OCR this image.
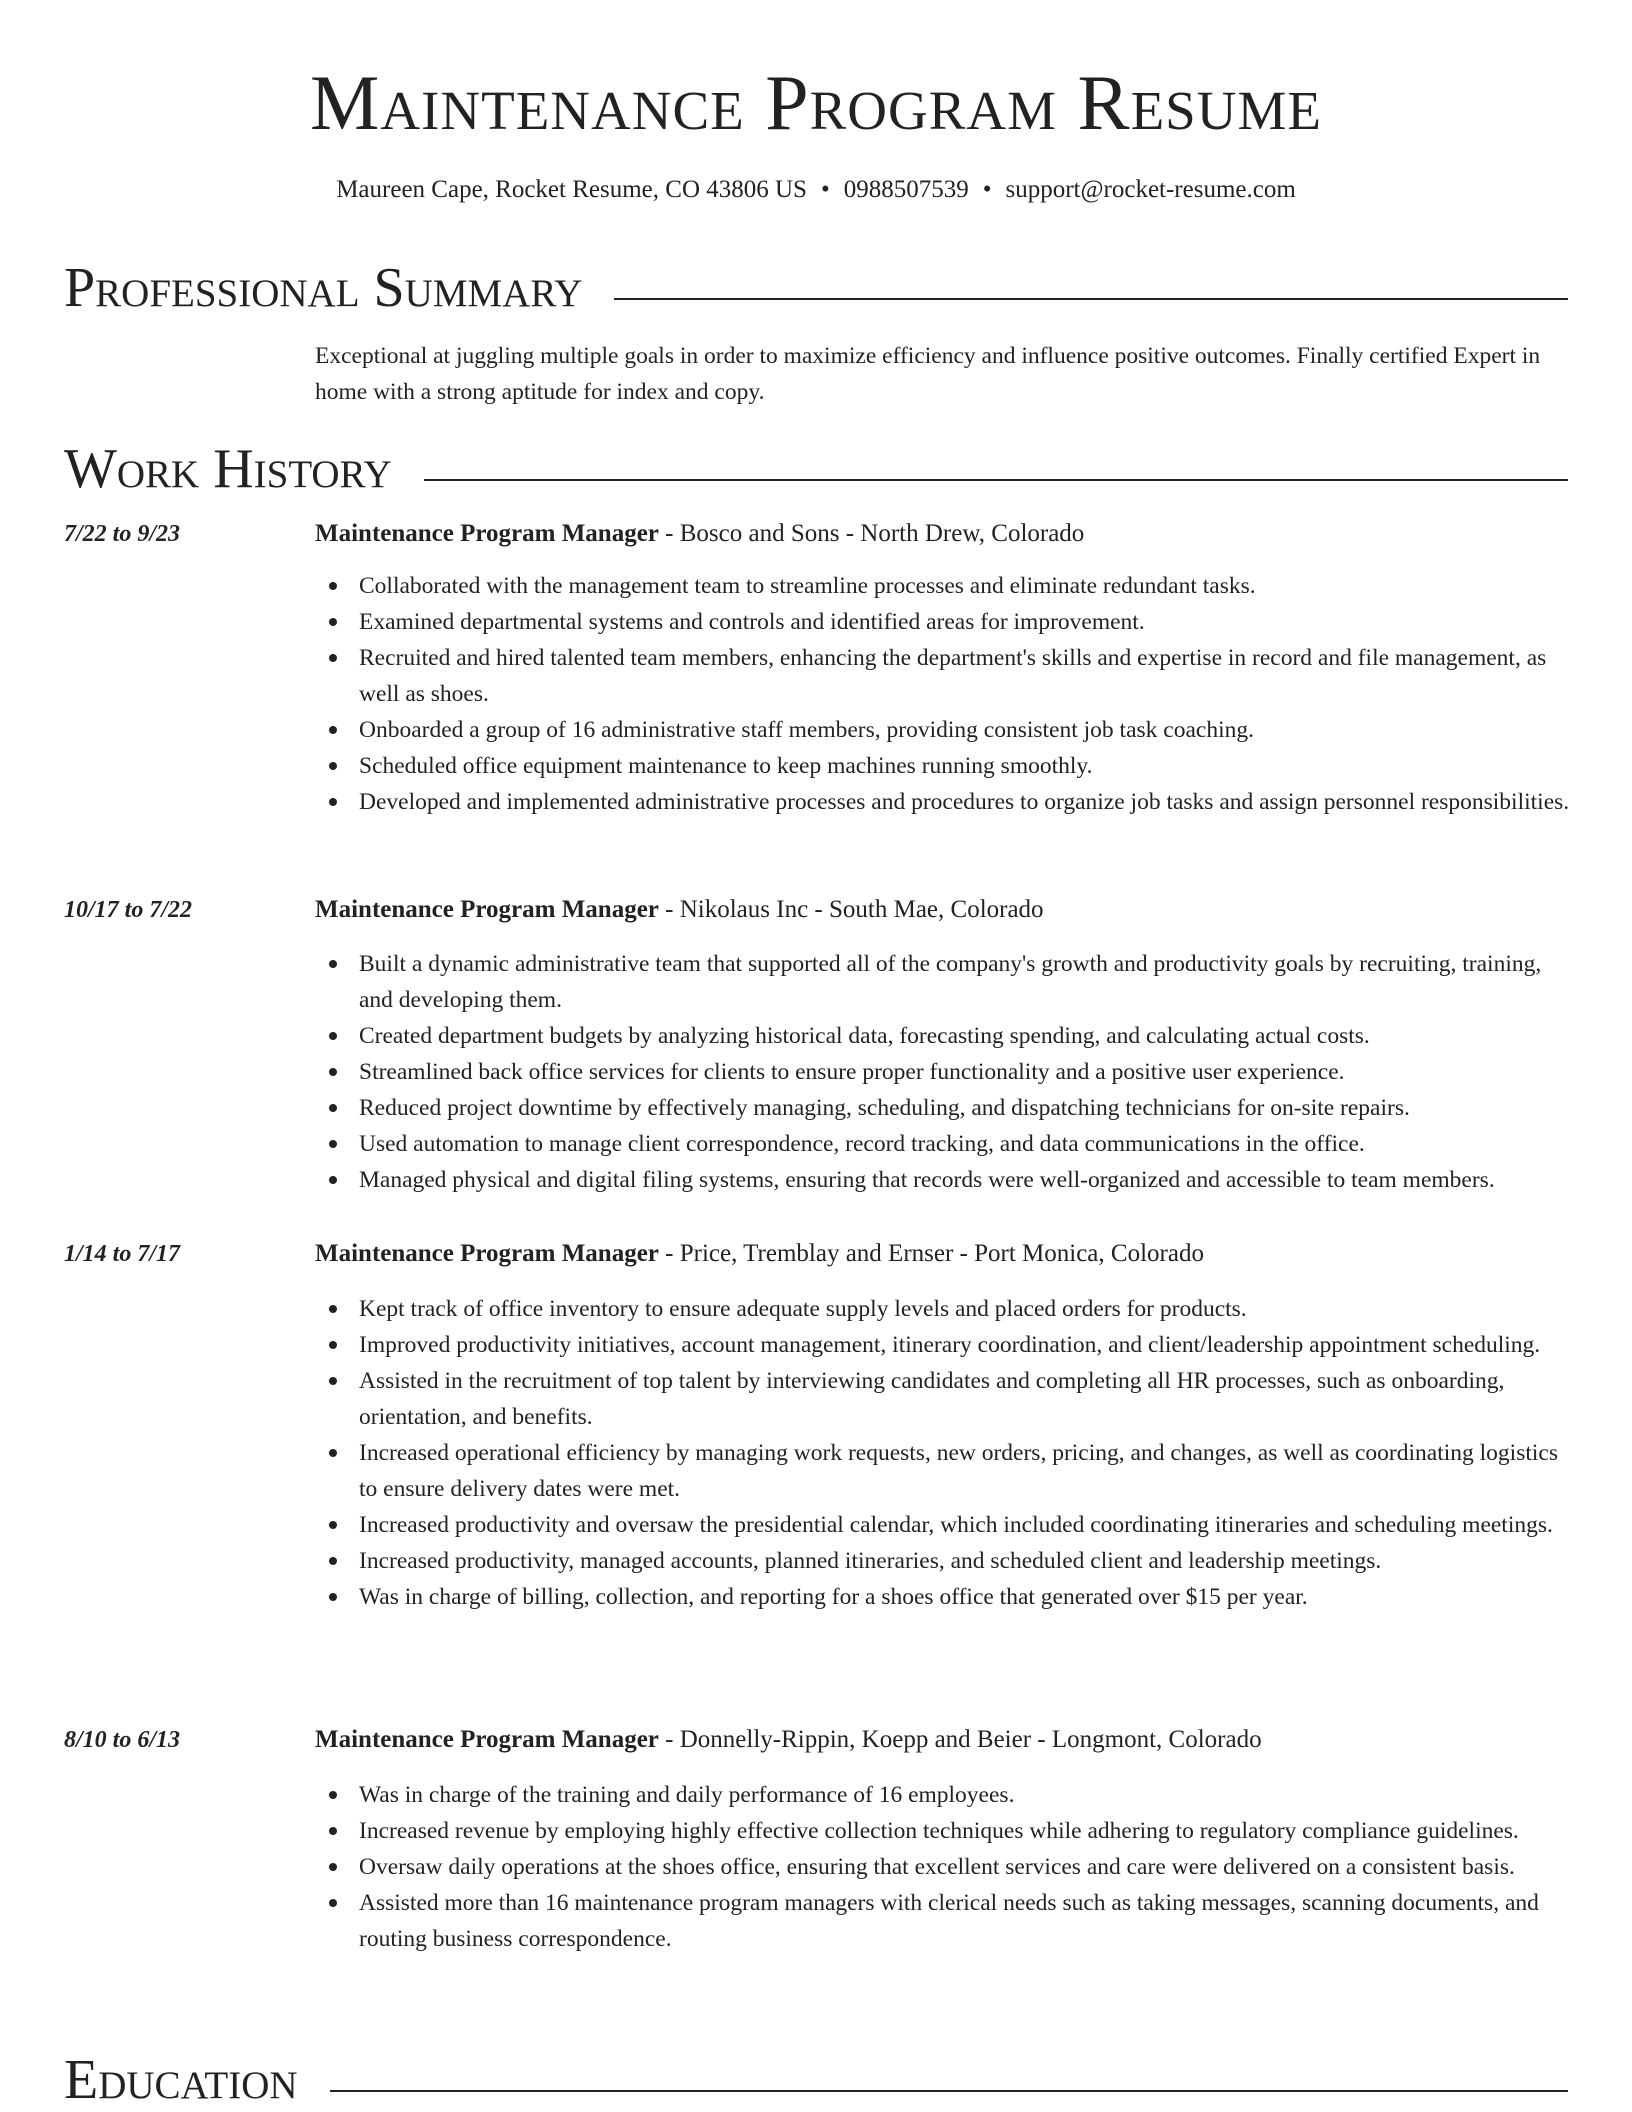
Maintenance Program Resume
Maureen Cape, Rocket Resume, CO 43806 US • 0988507539 • support@rocket-resume.com
Professional Summary
Exceptional at juggling multiple goals in order to maximize efficiency and influence positive outcomes. Finally certified Expert in home with a strong aptitude for index and copy.
Work History
7/22 to 9/23	Maintenance Program Manager - Bosco and Sons - North Drew, Colorado
Collaborated with the management team to streamline processes and eliminate redundant tasks.
Examined departmental systems and controls and identified areas for improvement.
Recruited and hired talented team members, enhancing the department's skills and expertise in record and file management, as well as shoes.
Onboarded a group of 16 administrative staff members, providing consistent job task coaching.
Scheduled office equipment maintenance to keep machines running smoothly.
Developed and implemented administrative processes and procedures to organize job tasks and assign personnel responsibilities.
10/17 to 7/22	Maintenance Program Manager - Nikolaus Inc - South Mae, Colorado
Built a dynamic administrative team that supported all of the company's growth and productivity goals by recruiting, training, and developing them.
Created department budgets by analyzing historical data, forecasting spending, and calculating actual costs.
Streamlined back office services for clients to ensure proper functionality and a positive user experience.
Reduced project downtime by effectively managing, scheduling, and dispatching technicians for on-site repairs.
Used automation to manage client correspondence, record tracking, and data communications in the office.
Managed physical and digital filing systems, ensuring that records were well-organized and accessible to team members.
1/14 to 7/17	Maintenance Program Manager - Price, Tremblay and Ernser - Port Monica, Colorado
Kept track of office inventory to ensure adequate supply levels and placed orders for products.
Improved productivity initiatives, account management, itinerary coordination, and client/leadership appointment scheduling.
Assisted in the recruitment of top talent by interviewing candidates and completing all HR processes, such as onboarding, orientation, and benefits.
Increased operational efficiency by managing work requests, new orders, pricing, and changes, as well as coordinating logistics to ensure delivery dates were met.
Increased productivity and oversaw the presidential calendar, which included coordinating itineraries and scheduling meetings.
Increased productivity, managed accounts, planned itineraries, and scheduled client and leadership meetings.
Was in charge of billing, collection, and reporting for a shoes office that generated over $15 per year.
8/10 to 6/13	Maintenance Program Manager - Donnelly-Rippin, Koepp and Beier - Longmont, Colorado
Was in charge of the training and daily performance of 16 employees.
Increased revenue by employing highly effective collection techniques while adhering to regulatory compliance guidelines.
Oversaw daily operations at the shoes office, ensuring that excellent services and care were delivered on a consistent basis.
Assisted more than 16 maintenance program managers with clerical needs such as taking messages, scanning documents, and routing business correspondence.
Education
